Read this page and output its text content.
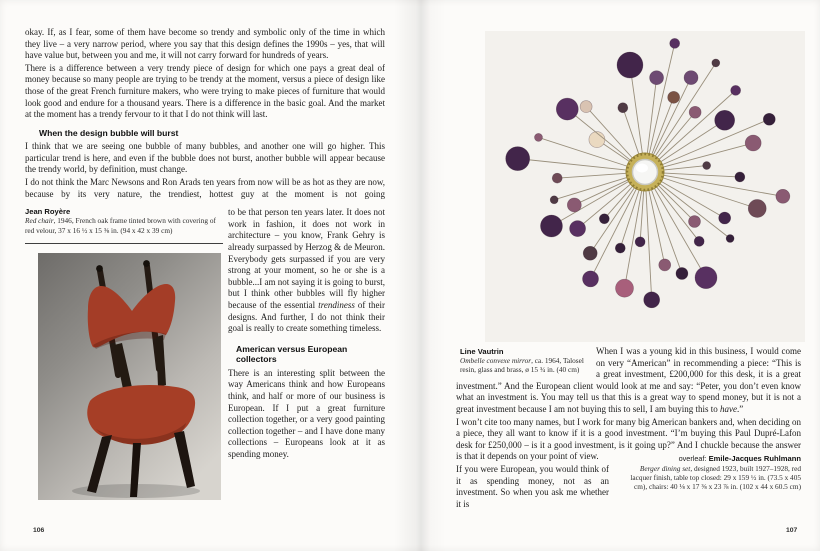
okay. If, as I fear, some of them have become so trendy and symbolic only of the time in which they live – a very narrow period, where you say that this design defines the 1990s – yes, that will have value but, between you and me, it will not carry forward for hundreds of years.

There is a difference between a very trendy piece of design for which one pays a great deal of money because so many people are trying to be trendy at the moment, versus a piece of design like those of the great French furniture makers, who were trying to make pieces of furniture that would look good and endure for a thousand years. There is a difference in the basic goal. And the market at the moment has a trendy fervour to it that I do not think will last.

When the design bubble will burst

I think that we are seeing one bubble of many bubbles, and another one will go higher. This particular trend is here, and even if the bubble does not burst, another bubble will appear because the trendy world, by definition, must change.

I do not think the Marc Newsons and Ron Arads ten years from now will be as hot as they are now, because by its very nature, the trendiest, hottest guy at the moment is not going

Jean Royère
Red chair, 1946, French oak frame tinted brown with covering of red velour, 37 x 16 ½ x 15 ⅜ in. (94 x 42 x 39 cm)

to be that person ten years later. It does not work in fashion, it does not work in architecture – you know, Frank Gehry is already surpassed by Herzog & de Meuron. Everybody gets surpassed if you are very strong at your moment, so he or she is a bubble...I am not saying it is going to burst, but I think other bubbles will fly higher because of the essential trendiness of their designs. And further, I do not think their goal is really to create something timeless.

American versus European collectors

There is an interesting split between the way Americans think and how Europeans think, and half or more of our business is European. If I put a great furniture collection together, or a very good painting collection together – and I have done many collections – Europeans look at it as spending money.

Line Vautrin
Ombelle convexe mirror, ca. 1964, Talosel resin, glass and brass, ø 15 ¾ in. (40 cm)

When I was a young kid in this business, I would come on very “American” in recommending a piece: “This is a great investment, £200,000 for this desk, it is a great investment.” And the European client would look at me and say: “Peter, you don’t even know what an investment is. You may tell us that this is a great way to spend money, but it is not a great investment because I am not buying this to sell, I am buying this to have.”

I won’t cite too many names, but I work for many big American bankers and, when deciding on a piece, they all want to know if it is a good investment. “I’m buying this Paul Dupré-Lafon desk for £250,000 – is it a good investment, is it going up?” And I
overleaf: Emile-Jacques Ruhlmann
Berger dining set, designed 1923, built 1927–1928, red lacquer finish, table top closed: 29 x 159 ½ in. (73.5 x 405 cm), chairs: 40 ⅛ x 17 ⅜ x 23 ⅞ in. (102 x 44 x 60.5 cm)
chuckle because the answer is that it depends on your point of view.

If you were European, you would think of it as spending money, not as an investment. So when you ask me whether it is

106	107
